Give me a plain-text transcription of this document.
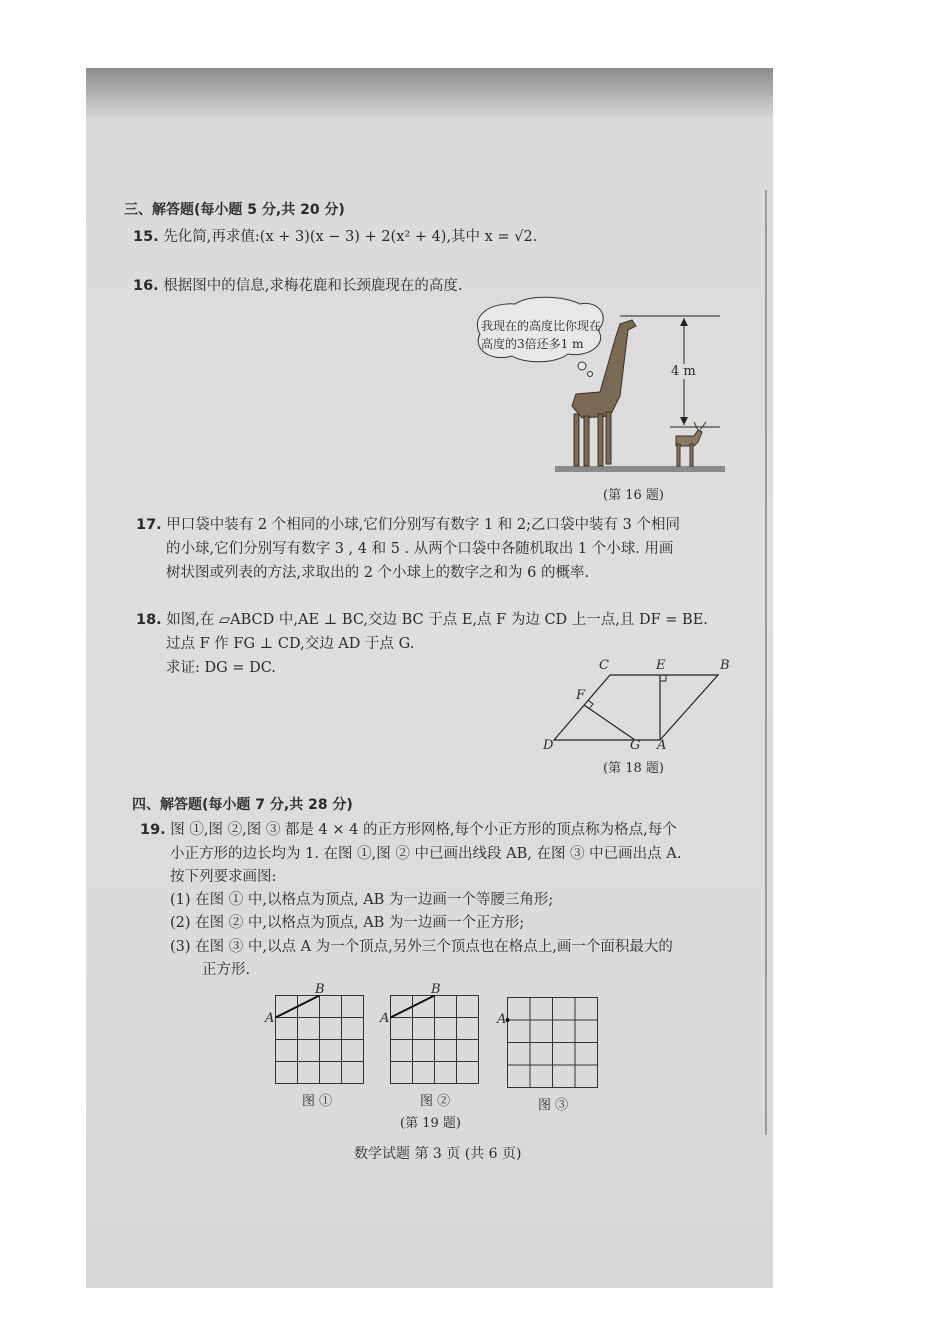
三、解答题(每小题 5 分,共 20 分)
15. 先化简,再求值:(x + 3)(x − 3) + 2(x² + 4),其中 x = √2.
16. 根据图中的信息,求梅花鹿和长颈鹿现在的高度.
我现在的高度比你现在
高度的3倍还多1 m
4 m
(第 16 题)
17. 甲口袋中装有 2 个相同的小球,它们分别写有数字 1 和 2;乙口袋中装有 3 个相同
的小球,它们分别写有数字 3 , 4 和 5 . 从两个口袋中各随机取出 1 个小球. 用画
树状图或列表的方法,求取出的 2 个小球上的数字之和为 6 的概率.
18. 如图,在 ▱ABCD 中,AE ⊥ BC,交边 BC 于点 E,点 F 为边 CD 上一点,且 DF = BE.
过点 F 作 FG ⊥ CD,交边 AD 于点 G.
求证: DG = DC.	C	E	B
F
D	G A
(第 18 题)
四、解答题(每小题 7 分,共 28 分)
19. 图 ①,图 ②,图 ③ 都是 4 × 4 的正方形网格,每个小正方形的顶点称为格点,每个
小正方形的边长均为 1. 在图 ①,图 ② 中已画出线段 AB, 在图 ③ 中已画出点 A.
按下列要求画图:
(1) 在图 ① 中,以格点为顶点, AB 为一边画一个等腰三角形;
(2) 在图 ② 中,以格点为顶点, AB 为一边画一个正方形;
(3) 在图 ③ 中,以点 A 为一个顶点,另外三个顶点也在格点上,画一个面积最大的
正方形.
A
B
A
B
A
图 ①	图 ②	图 ③
(第 19 题)
数学试题 第 3 页 (共 6 页)
